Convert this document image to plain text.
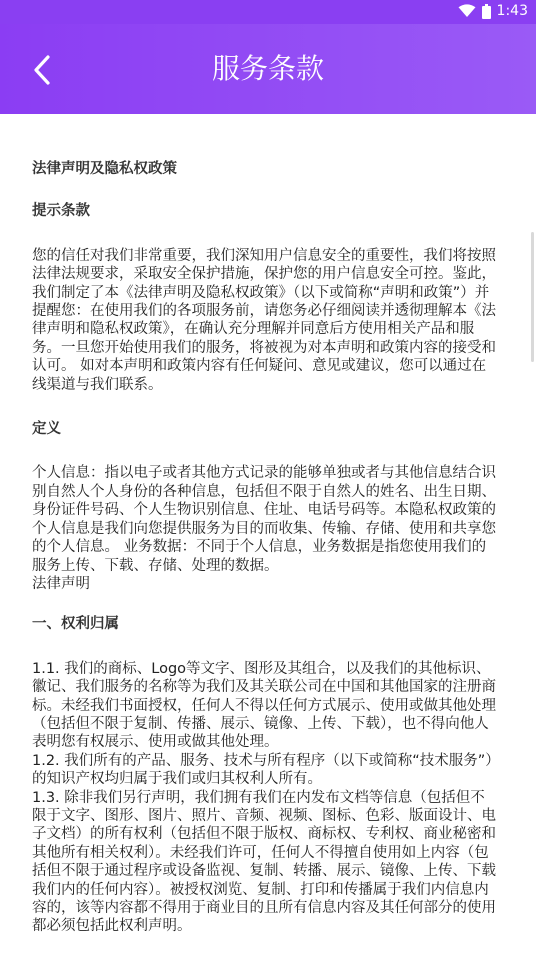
1:43
服务条款

法律声明及隐私权政策

提示条款

您的信任对我们非常重要，我们深知用户信息安全的重要性，我们将按照法律法规要求，采取安全保护措施，保护您的用户信息安全可控。鉴此，我们制定了本《法律声明及隐私权政策》（以下或简称“声明和政策”）并提醒您：在使用我们的各项服务前，请您务必仔细阅读并透彻理解本《法律声明和隐私权政策》，在确认充分理解并同意后方使用相关产品和服务。一旦您开始使用我们的服务，将被视为对本声明和政策内容的接受和认可。 如对本声明和政策内容有任何疑问、意见或建议，您可以通过在线渠道与我们联系。

定义

个人信息：指以电子或者其他方式记录的能够单独或者与其他信息结合识别自然人个人身份的各种信息，包括但不限于自然人的姓名、出生日期、身份证件号码、个人生物识别信息、住址、电话号码等。本隐私权政策的个人信息是我们向您提供服务为目的而收集、传输、存储、使用和共享您的个人信息。 业务数据：不同于个人信息，业务数据是指您使用我们的服务上传、下载、存储、处理的数据。

法律声明

一、权利归属

1.1. 我们的商标、Logo等文字、图形及其组合，以及我们的其他标识、徽记、我们服务的名称等为我们及其关联公司在中国和其他国家的注册商标。未经我们书面授权，任何人不得以任何方式展示、使用或做其他处理（包括但不限于复制、传播、展示、镜像、上传、下载），也不得向他人表明您有权展示、使用或做其他处理。

1.2. 我们所有的产品、服务、技术与所有程序（以下或简称“技术服务”）的知识产权均归属于我们或归其权利人所有。

1.3. 除非我们另行声明，我们拥有我们在内发布文档等信息（包括但不限于文字、图形、图片、照片、音频、视频、图标、色彩、版面设计、电子文档）的所有权利（包括但不限于版权、商标权、专利权、商业秘密和其他所有相关权利）。未经我们许可，任何人不得擅自使用如上内容（包括但不限于通过程序或设备监视、复制、转播、展示、镜像、上传、下载我们内的任何内容）。被授权浏览、复制、打印和传播属于我们内信息内容的，该等内容都不得用于商业目的且所有信息内容及其任何部分的使用都必须包括此权利声明。
